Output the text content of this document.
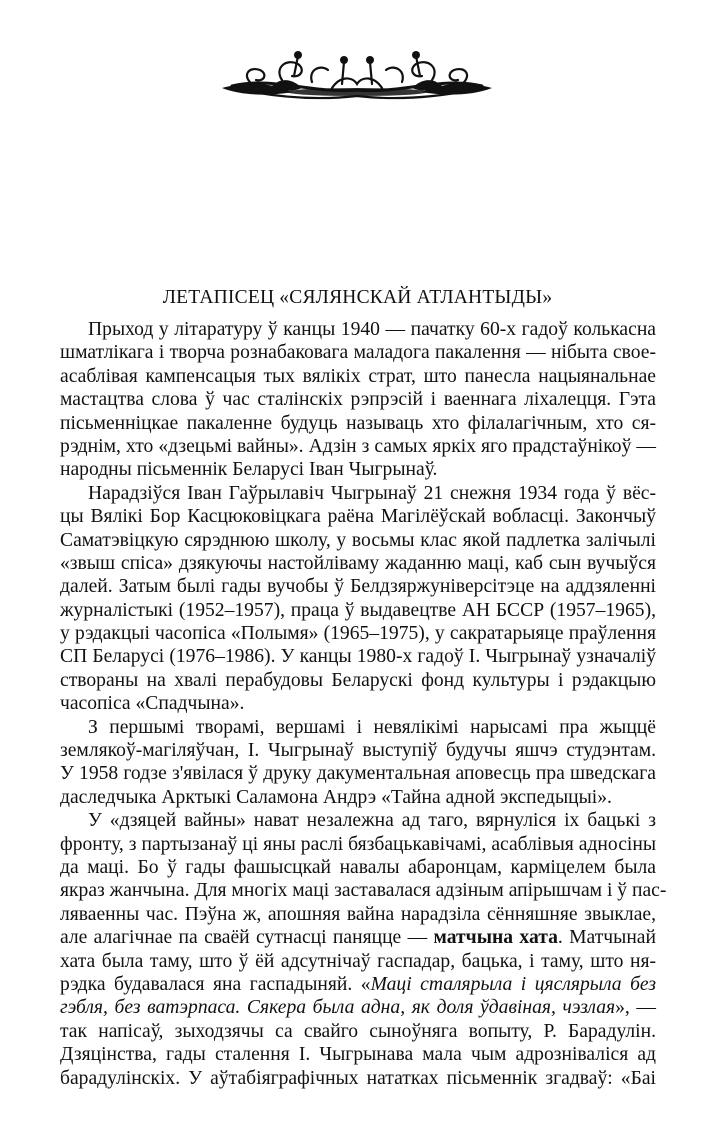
ЛЕТАПІСЕЦ «СЯЛЯНСКАЙ АТЛАНТЫДЫ»
Прыход у літаратуру ў канцы 1940 — пачатку 60-х гадоў колькасна
шматлікага і творча рознабаковага маладога пакалення — нібыта свое-
асаблівая кампенсацыя тых вялікіх страт, што панесла нацыянальнае
мастацтва слова ў час сталінскіх рэпрэсій і ваеннага ліхалецця. Гэта
пісьменніцкае пакаленне будуць называць хто філалагічным, хто ся-
рэднім, хто «дзецьмі вайны». Адзін з самых яркіх яго прадстаўнікоў —
народны пісьменнік Беларусі Іван Чыгрынаў.
Нарадзіўся Іван Гаўрылавіч Чыгрынаў 21 снежня 1934 года ў вёс-
цы Вялікі Бор Касцюковіцкага раёна Магілёўскай вобласці. Закончыў
Саматэвіцкую сярэднюю школу, у восьмы клас якой падлетка залічылі
«звыш спіса» дзякуючы настойліваму жаданню маці, каб сын вучыўся
далей. Затым былі гады вучобы ў Белдзяржуніверсітэце на аддзяленні
журналістыкі (1952–1957), праца ў выдавецтве АН БССР (1957–1965),
у рэдакцыі часопіса «Полымя» (1965–1975), у сакратарыяце праўлення
СП Беларусі (1976–1986). У канцы 1980-х гадоў І. Чыгрынаў узначаліў
створаны на хвалі перабудовы Беларускі фонд культуры і рэдакцыю
часопіса «Спадчына».
З першымі творамі, вершамі і невялікімі нарысамі пра жыццё
землякоў-магіляўчан, І. Чыгрынаў выступіў будучы яшчэ студэнтам.
У 1958 годзе з'явілася ў друку дакументальная аповесць пра шведскага
даследчыка Арктыкі Саламона Андрэ «Тайна адной экспедыцыі».
У «дзяцей вайны» нават незалежна ад таго, вярнуліся іх бацькі з
фронту, з партызанаў ці яны раслі бязбацькавічамі, асаблівыя адносіны
да маці. Бо ў гады фашысцкай навалы абаронцам, карміцелем была
якраз жанчына. Для многіх маці заставалася адзіным апірышчам і ў пас-
ляваенны час. Пэўна ж, апошняя вайна нарадзіла сённяшняе звыклае,
але алагічнае па сваёй сутнасці паняцце — матчына хата. Матчынай
хата была таму, што ў ёй адсутнічаў гаспадар, бацька, і таму, што ня-
рэдка будавалася яна гаспадыняй. «Маці сталярыла і цяслярыла без
гэбля, без ватэрпаса. Сякера была адна, як доля ўдавіная, чэзлая», —
так напісаў, зыходзячы са свайго сыноўняга вопыту, Р. Барадулін.
Дзяцінства, гады сталення І. Чыгрынава мала чым адрозніваліся ад
барадулінскіх. У аўтабіяграфічных нататках пісьменнік згадваў: «Баі
